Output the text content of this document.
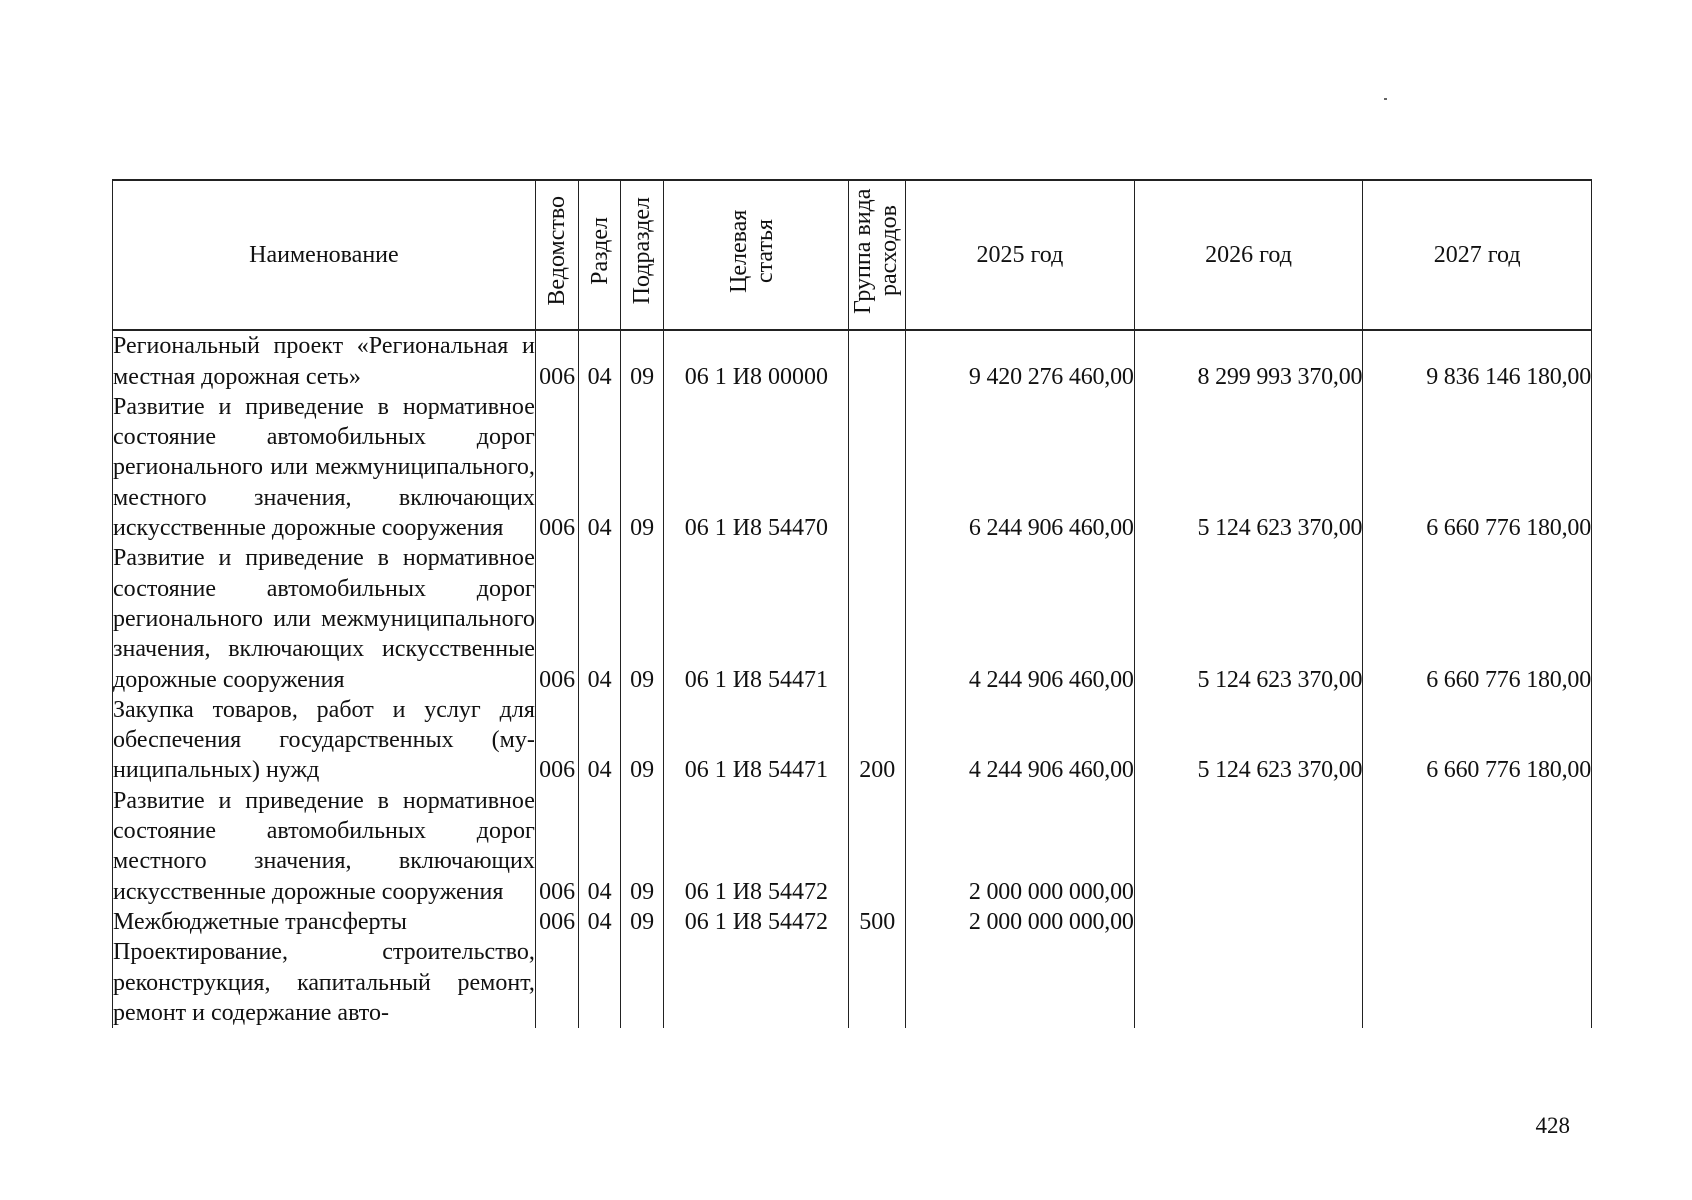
Наименование	Ведомство	Раздел	Подраздел	Целевая статья	Группа вида расходов	2025 год	2026 год	2027 год
Региональный проект «Региональная и местная дорожная сеть»	006	04	09	06 1 И8 00000		9 420 276 460,00	8 299 993 370,00	9 836 146 180,00
Развитие и приведение в нормативное состояние автомобильных дорог регионального или межмуниципального, местного значения, включающих искусственные дорожные сооружения	006	04	09	06 1 И8 54470		6 244 906 460,00	5 124 623 370,00	6 660 776 180,00
Развитие и приведение в нормативное состояние автомобильных дорог регионального или межмуниципального значения, включающих искусственные дорожные сооружения	006	04	09	06 1 И8 54471		4 244 906 460,00	5 124 623 370,00	6 660 776 180,00
Закупка товаров, работ и услуг для обеспечения государственных (муниципальных) нужд	006	04	09	06 1 И8 54471	200	4 244 906 460,00	5 124 623 370,00	6 660 776 180,00
Развитие и приведение в нормативное состояние автомобильных дорог местного значения, включающих искусственные дорожные сооружения	006	04	09	06 1 И8 54472		2 000 000 000,00		
Межбюджетные трансферты	006	04	09	06 1 И8 54472	500	2 000 000 000,00		
Проектирование, строительство, реконструкция, капитальный ремонт, ремонт и содержание авто-								
428
